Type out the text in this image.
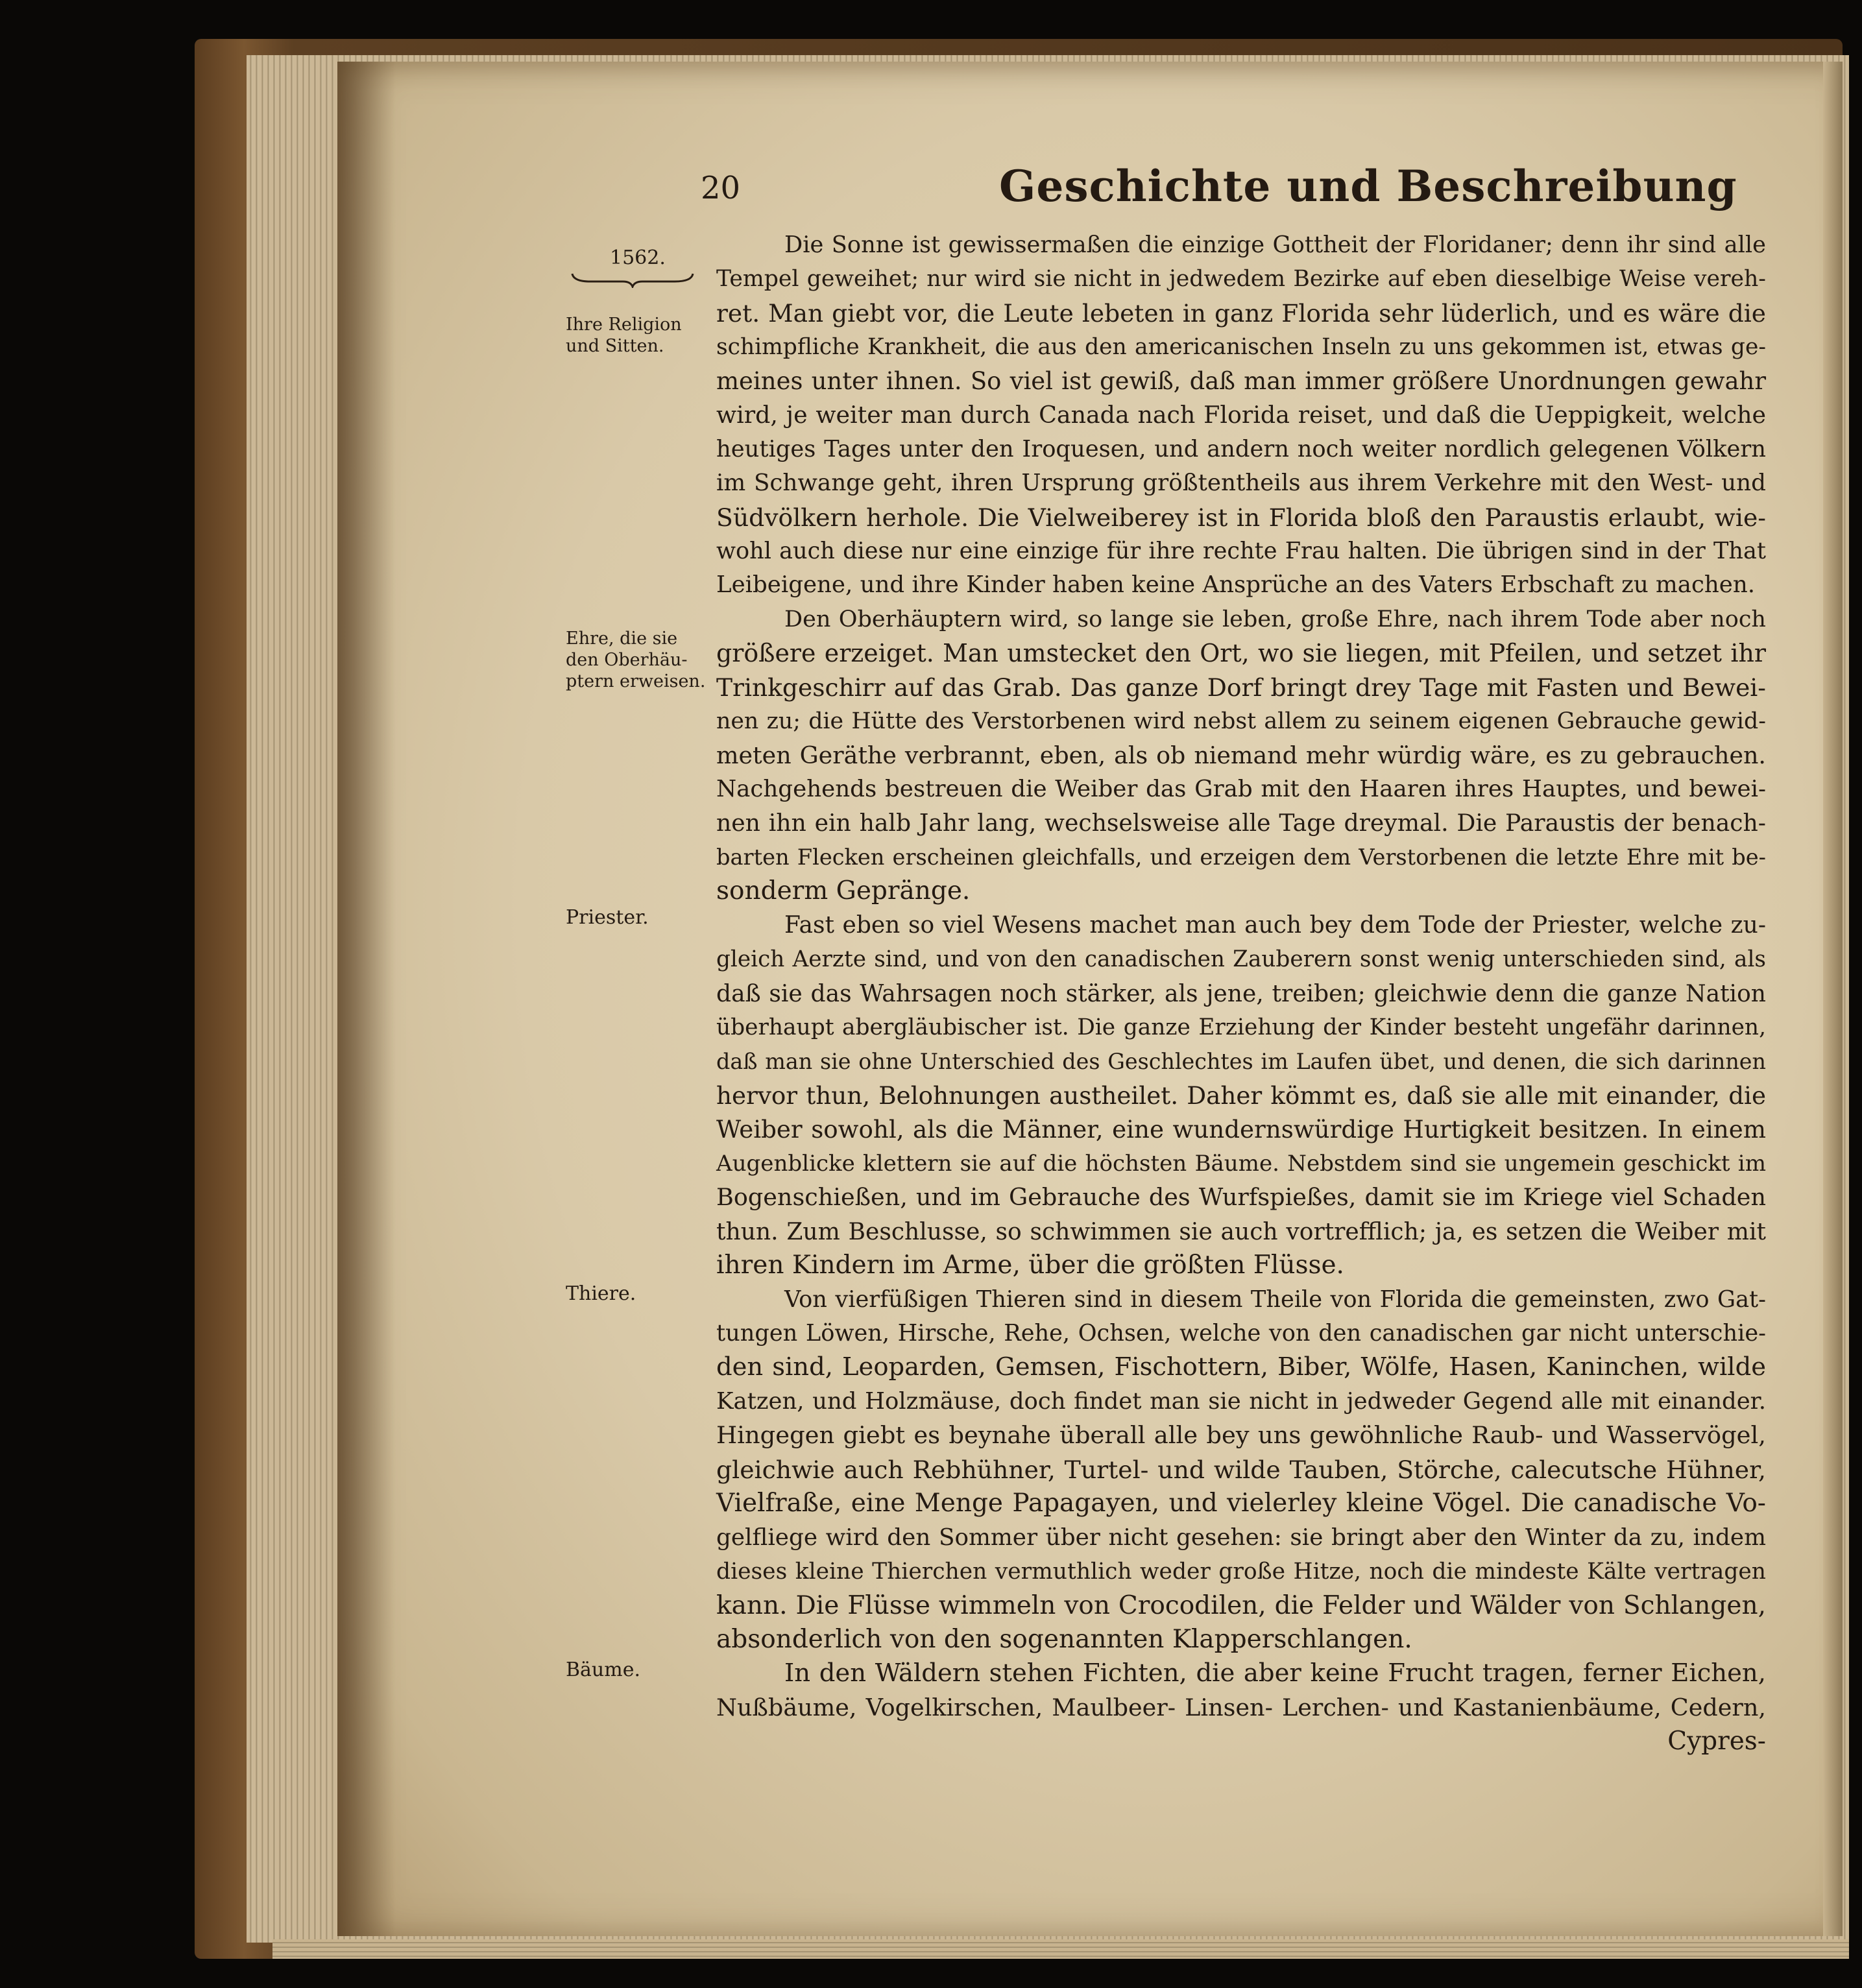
20	Geschichte und Beschreibung
1562.
Ihre Religion
und Sitten.
Ehre, die sie
den Oberhäu-
ptern erweisen.
Priester.
Thiere.
Bäume.
Die Sonne ist gewissermaßen die einzige Gottheit der Floridaner; denn ihr sind alle
Tempel geweihet; nur wird sie nicht in jedwedem Bezirke auf eben dieselbige Weise vereh-
ret. Man giebt vor, die Leute lebeten in ganz Florida sehr lüderlich, und es wäre die
schimpfliche Krankheit, die aus den americanischen Inseln zu uns gekommen ist, etwas ge-
meines unter ihnen. So viel ist gewiß, daß man immer größere Unordnungen gewahr
wird, je weiter man durch Canada nach Florida reiset, und daß die Ueppigkeit, welche
heutiges Tages unter den Iroquesen, und andern noch weiter nordlich gelegenen Völkern
im Schwange geht, ihren Ursprung größtentheils aus ihrem Verkehre mit den West- und
Südvölkern herhole. Die Vielweiberey ist in Florida bloß den Paraustis erlaubt, wie-
wohl auch diese nur eine einzige für ihre rechte Frau halten. Die übrigen sind in der That
Leibeigene, und ihre Kinder haben keine Ansprüche an des Vaters Erbschaft zu machen.
Den Oberhäuptern wird, so lange sie leben, große Ehre, nach ihrem Tode aber noch
größere erzeiget. Man umstecket den Ort, wo sie liegen, mit Pfeilen, und setzet ihr
Trinkgeschirr auf das Grab. Das ganze Dorf bringt drey Tage mit Fasten und Bewei-
nen zu; die Hütte des Verstorbenen wird nebst allem zu seinem eigenen Gebrauche gewid-
meten Geräthe verbrannt, eben, als ob niemand mehr würdig wäre, es zu gebrauchen.
Nachgehends bestreuen die Weiber das Grab mit den Haaren ihres Hauptes, und bewei-
nen ihn ein halb Jahr lang, wechselsweise alle Tage dreymal. Die Paraustis der benach-
barten Flecken erscheinen gleichfalls, und erzeigen dem Verstorbenen die letzte Ehre mit be-
sonderm Gepränge.
Fast eben so viel Wesens machet man auch bey dem Tode der Priester, welche zu-
gleich Aerzte sind, und von den canadischen Zauberern sonst wenig unterschieden sind, als
daß sie das Wahrsagen noch stärker, als jene, treiben; gleichwie denn die ganze Nation
überhaupt abergläubischer ist. Die ganze Erziehung der Kinder besteht ungefähr darinnen,
daß man sie ohne Unterschied des Geschlechtes im Laufen übet, und denen, die sich darinnen
hervor thun, Belohnungen austheilet. Daher kömmt es, daß sie alle mit einander, die
Weiber sowohl, als die Männer, eine wundernswürdige Hurtigkeit besitzen. In einem
Augenblicke klettern sie auf die höchsten Bäume. Nebstdem sind sie ungemein geschickt im
Bogenschießen, und im Gebrauche des Wurfspießes, damit sie im Kriege viel Schaden
thun. Zum Beschlusse, so schwimmen sie auch vortrefflich; ja, es setzen die Weiber mit
ihren Kindern im Arme, über die größten Flüsse.
Von vierfüßigen Thieren sind in diesem Theile von Florida die gemeinsten, zwo Gat-
tungen Löwen, Hirsche, Rehe, Ochsen, welche von den canadischen gar nicht unterschie-
den sind, Leoparden, Gemsen, Fischottern, Biber, Wölfe, Hasen, Kaninchen, wilde
Katzen, und Holzmäuse, doch findet man sie nicht in jedweder Gegend alle mit einander.
Hingegen giebt es beynahe überall alle bey uns gewöhnliche Raub- und Wasservögel,
gleichwie auch Rebhühner, Turtel- und wilde Tauben, Störche, calecutsche Hühner,
Vielfraße, eine Menge Papagayen, und vielerley kleine Vögel. Die canadische Vo-
gelfliege wird den Sommer über nicht gesehen: sie bringt aber den Winter da zu, indem
dieses kleine Thierchen vermuthlich weder große Hitze, noch die mindeste Kälte vertragen
kann. Die Flüsse wimmeln von Crocodilen, die Felder und Wälder von Schlangen,
absonderlich von den sogenannten Klapperschlangen.
In den Wäldern stehen Fichten, die aber keine Frucht tragen, ferner Eichen,
Nußbäume, Vogelkirschen, Maulbeer- Linsen- Lerchen- und Kastanienbäume, Cedern,
Cypres-
